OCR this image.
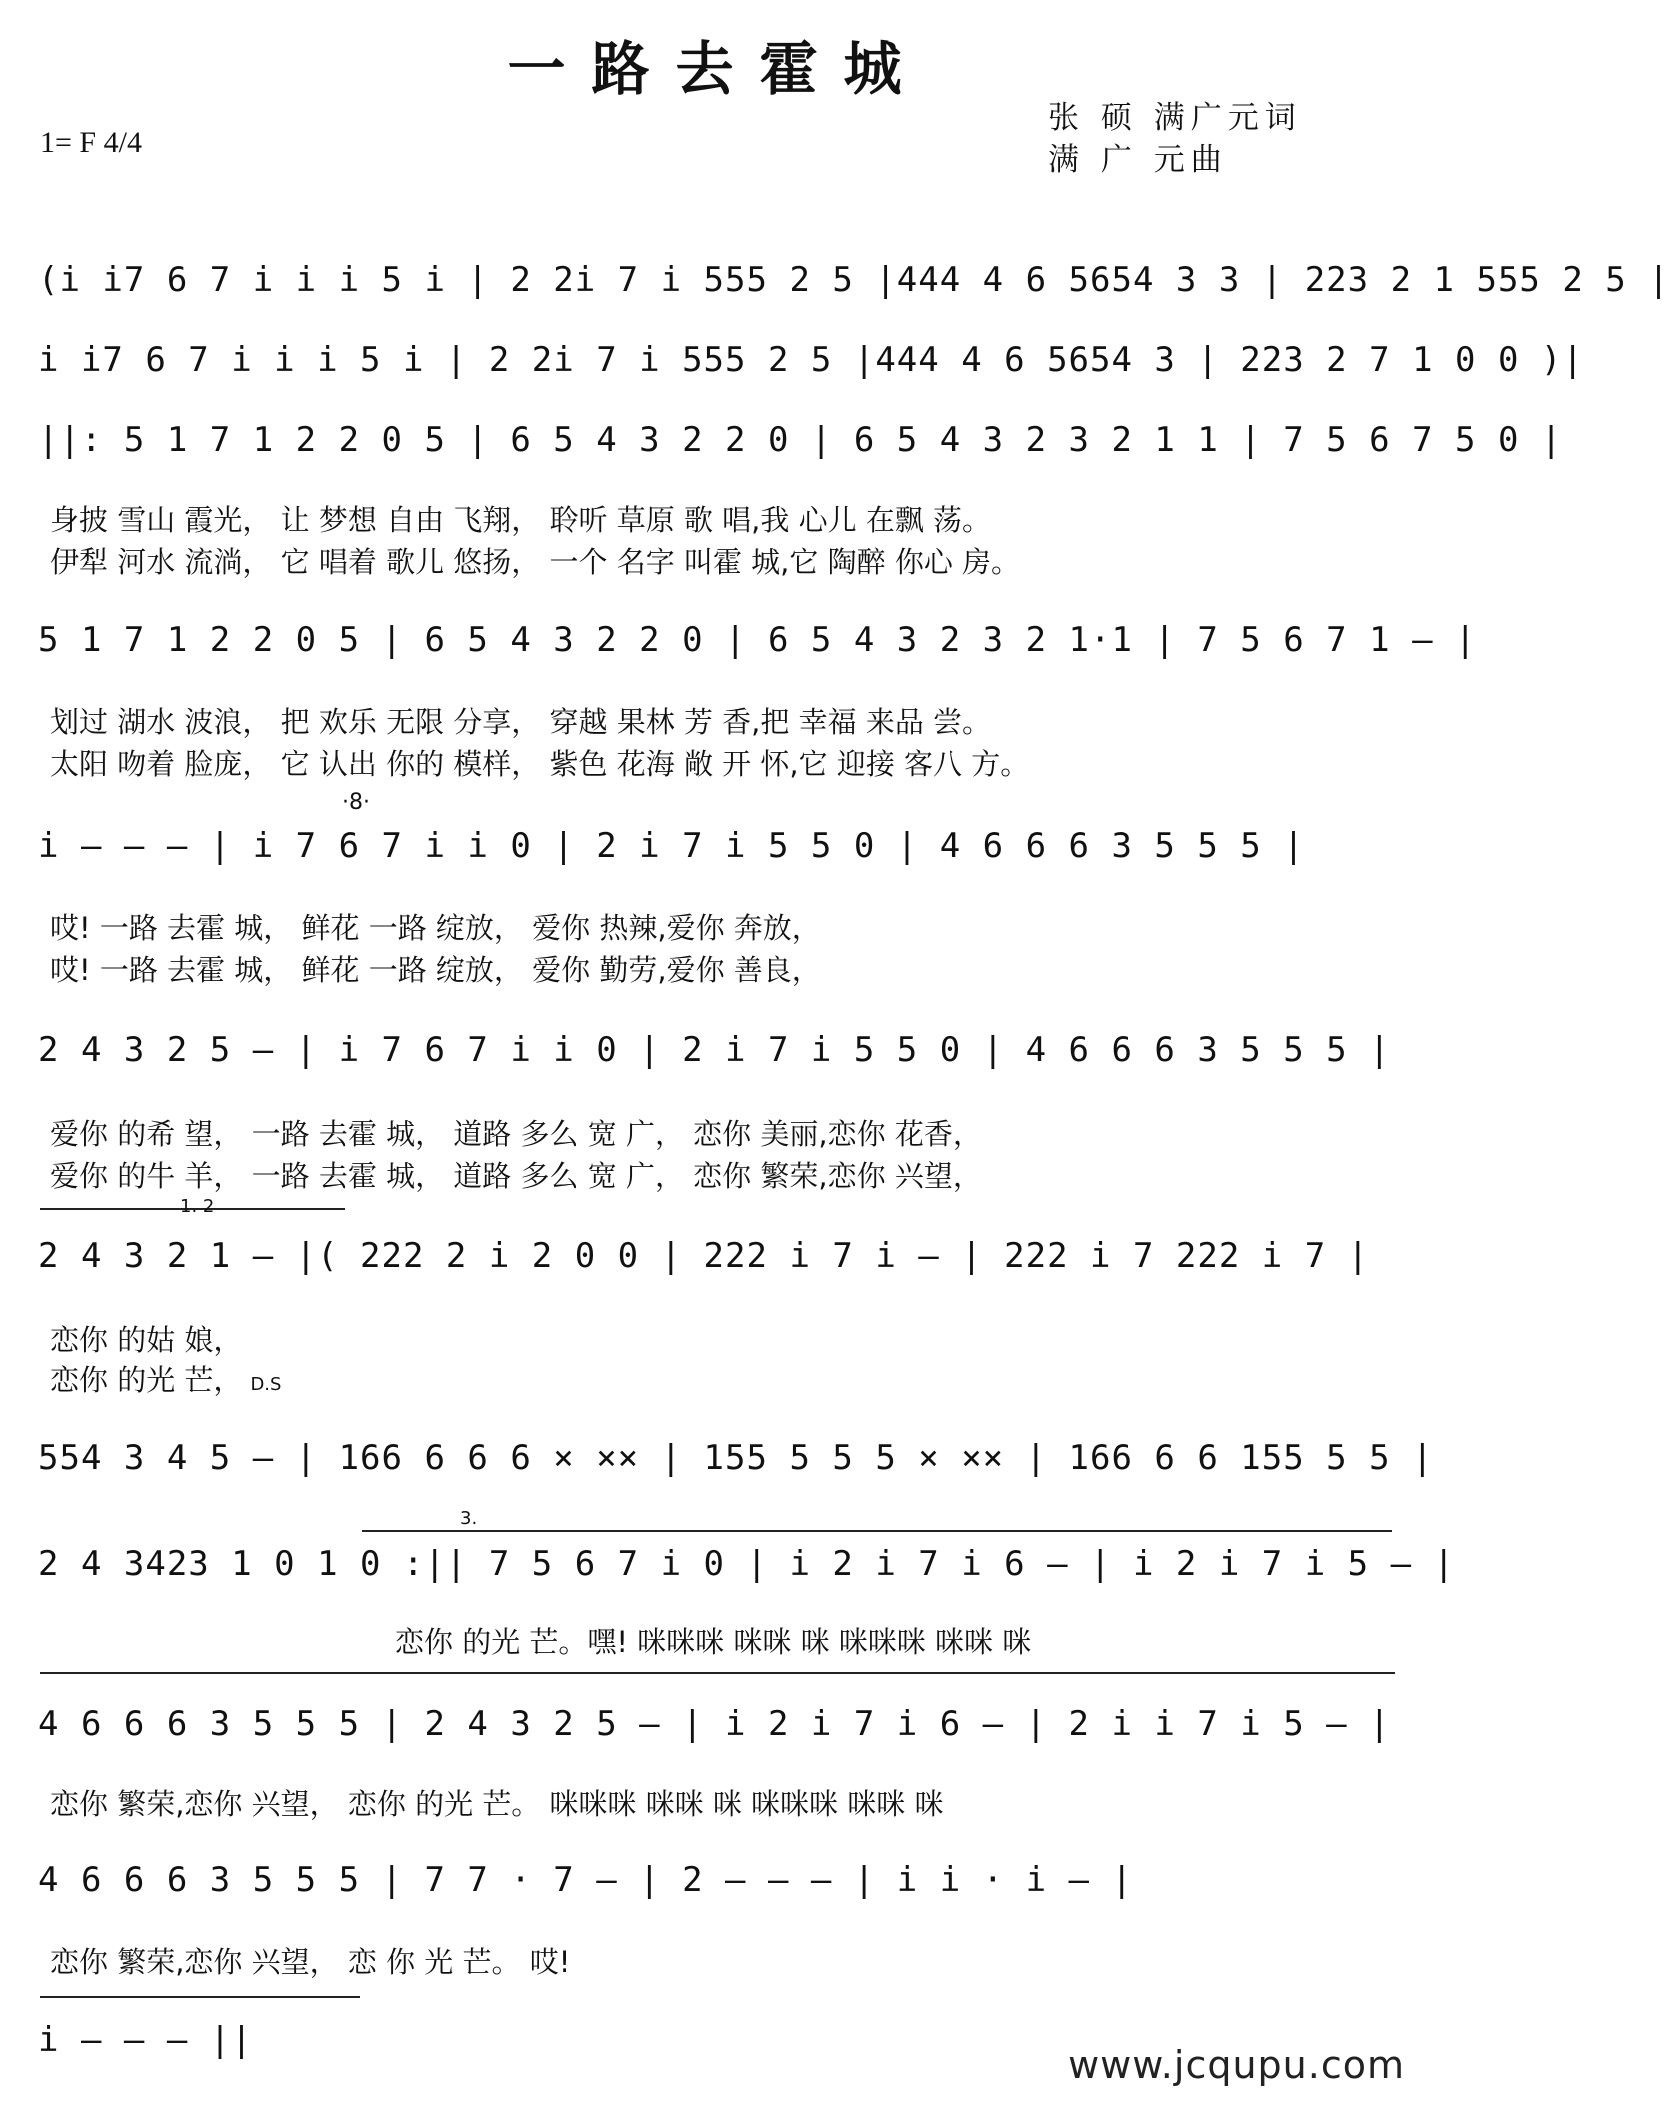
一路去霍城
1= F 4/4
张 硕 满广元词
满 广 元曲
(i i7 6 7 i i i 5 i | 2 2i 7 i 555 2 5 |444 4 6 5654 3 3 | 223 2 1 555 2 5 |
i i7 6 7 i i i 5 i | 2 2i 7 i 555 2 5 |444 4 6 5654 3 | 223 2 7 1 0 0 )|
||: 5 1 7 1 2 2 0 5 | 6 5 4 3 2 2 0 | 6 5 4 3 2 3 2 1 1 | 7 5 6 7 5 0 |
身披 雪山 霞光， 让 梦想 自由 飞翔， 聆听 草原 歌 唱,我 心儿 在飘 荡。
伊犁 河水 流淌， 它 唱着 歌儿 悠扬， 一个 名字 叫霍 城,它 陶醉 你心 房。
5 1 7 1 2 2 0 5 | 6 5 4 3 2 2 0 | 6 5 4 3 2 3 2 1·1 | 7 5 6 7 1 — |
划过 湖水 波浪， 把 欢乐 无限 分享， 穿越 果林 芳 香,把 幸福 来品 尝。
太阳 吻着 脸庞， 它 认出 你的 模样， 紫色 花海 敞 开 怀,它 迎接 客八 方。
·8·
i — — — | i 7 6 7 i i 0 | 2 i 7 i 5 5 0 | 4 6 6 6 3 5 5 5 |
哎! 一路 去霍 城， 鲜花 一路 绽放， 爱你 热辣,爱你 奔放，
哎! 一路 去霍 城， 鲜花 一路 绽放， 爱你 勤劳,爱你 善良，
2 4 3 2 5 — | i 7 6 7 i i 0 | 2 i 7 i 5 5 0 | 4 6 6 6 3 5 5 5 |
爱你 的希 望， 一路 去霍 城， 道路 多么 宽 广， 恋你 美丽,恋你 花香，
爱你 的牛 羊， 一路 去霍 城， 道路 多么 宽 广， 恋你 繁荣,恋你 兴望，
1. 2
2 4 3 2 1 — |( 222 2 i 2 0 0 | 222 i 7 i — | 222 i 7 222 i 7 |
恋你 的姑 娘，
恋你 的光 芒， D.S
554 3 4 5 — | 166 6 6 6 × ×× | 155 5 5 5 × ×× | 166 6 6 155 5 5 |
3.
2 4 3423 1 0 1 0 :|| 7 5 6 7 i 0 | i 2 i 7 i 6 — | i 2 i 7 i 5 — |
恋你 的光 芒。嘿! 咪咪咪 咪咪 咪 咪咪咪 咪咪 咪
4 6 6 6 3 5 5 5 | 2 4 3 2 5 — | i 2 i 7 i 6 — | 2 i i 7 i 5 — |
恋你 繁荣,恋你 兴望， 恋你 的光 芒。 咪咪咪 咪咪 咪 咪咪咪 咪咪 咪
4 6 6 6 3 5 5 5 | 7 7 · 7 — | 2 — — — | i i · i — |
恋你 繁荣,恋你 兴望， 恋 你 光 芒。 哎!
i — — — ||
www.jcqupu.com
